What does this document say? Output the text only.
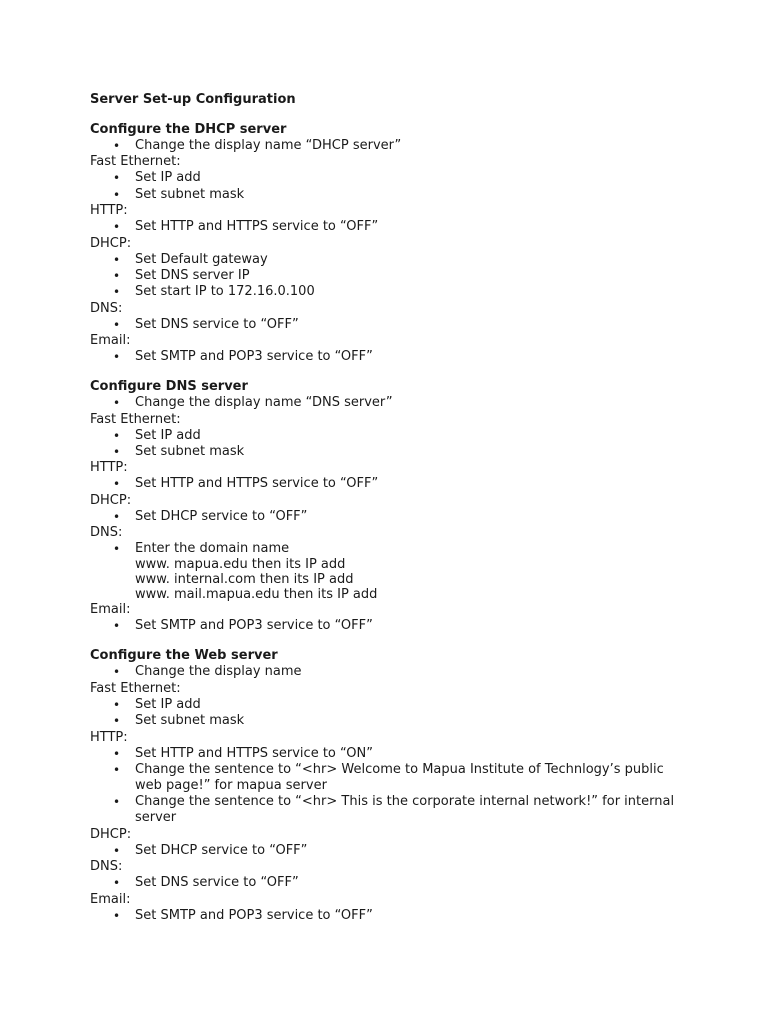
Server Set-up Configuration

Configure the DHCP server

• Change the display name “DHCP server”

Fast Ethernet:

• Set IP add
• Set subnet mask

HTTP:

• Set HTTP and HTTPS service to “OFF”

DHCP:

• Set Default gateway
• Set DNS server IP
• Set start IP to 172.16.0.100

DNS:

• Set DNS service to “OFF”

Email:

• Set SMTP and POP3 service to “OFF”

Configure DNS server

• Change the display name “DNS server”

Fast Ethernet:

• Set IP add
• Set subnet mask

HTTP:

• Set HTTP and HTTPS service to “OFF”

DHCP:

• Set DHCP service to “OFF”

DNS:

• Enter the domain name
www. mapua.edu then its IP add
www. internal.com then its IP add
www. mail.mapua.edu then its IP add

Email:

• Set SMTP and POP3 service to “OFF”

Configure the Web server

• Change the display name

Fast Ethernet:

• Set IP add
• Set subnet mask

HTTP:

• Set HTTP and HTTPS service to “ON”
• Change the sentence to “<hr> Welcome to Mapua Institute of Technlogy’s public web page!” for mapua server
• Change the sentence to “<hr> This is the corporate internal network!” for internal server

DHCP:

• Set DHCP service to “OFF”

DNS:

• Set DNS service to “OFF”

Email:

• Set SMTP and POP3 service to “OFF”
